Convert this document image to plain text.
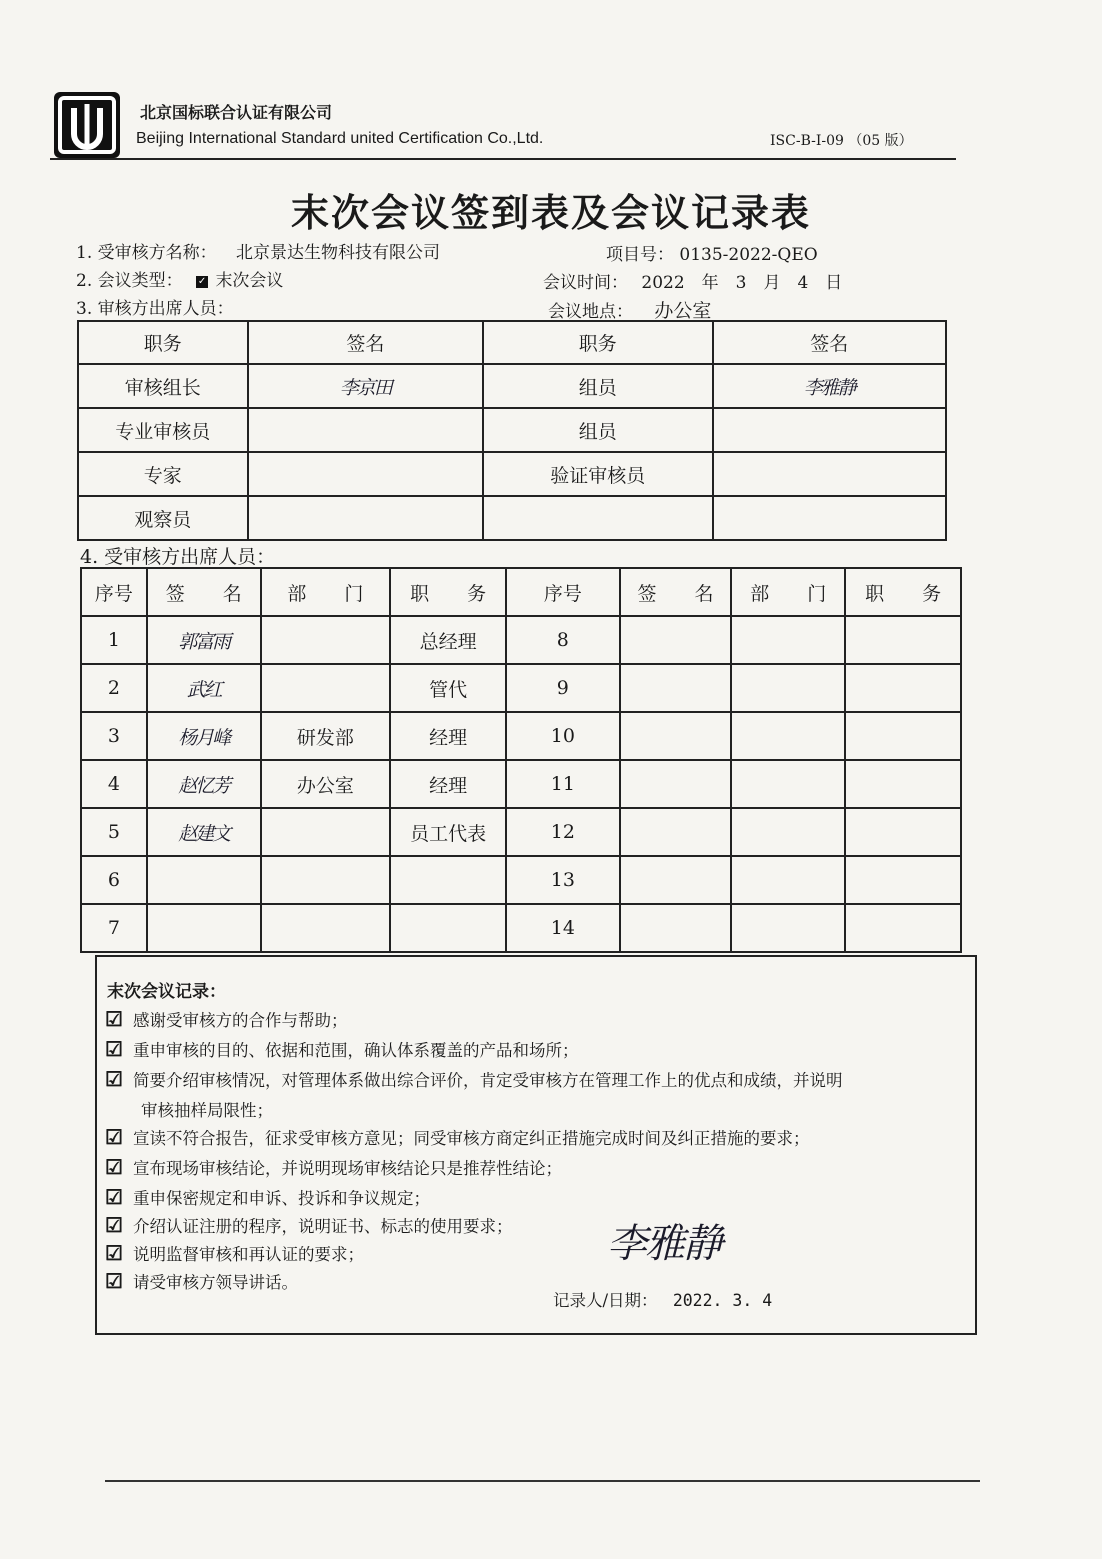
北京国标联合认证有限公司
Beijing International Standard united Certification Co.,Ltd.	ISC-B-I-09 （05 版）
末次会议签到表及会议记录表
1. 受审核方名称： 北京景达生物科技有限公司	项目号： 0135-2022-QEO
2. 会议类型： ✓ 末次会议	会议时间： 2022　年　3　月　4　日
3. 审核方出席人员：	会议地点： 办公室
职务	签名	职务	签名
审核组长	李京田	组员	李雅静
专业审核员		组员	
专家		验证审核员	
观察员			
4. 受审核方出席人员：
序号	签　　名	部　　门	职　　务	序号	签　　名	部　　门	职　　务
1	郭富雨		总经理	8			
2	武红		管代	9			
3	杨月峰	研发部	经理	10			
4	赵忆芳	办公室	经理	11			
5	赵建文		员工代表	12			
6				13			
7				14			
末次会议记录：
☑ 感谢受审核方的合作与帮助；
☑ 重申审核的目的、依据和范围，确认体系覆盖的产品和场所；
☑ 简要介绍审核情况，对管理体系做出综合评价，肯定受审核方在管理工作上的优点和成绩，并说明
审核抽样局限性；
☑ 宣读不符合报告，征求受审核方意见；同受审核方商定纠正措施完成时间及纠正措施的要求；
☑ 宣布现场审核结论，并说明现场审核结论只是推荐性结论；
☑ 重申保密规定和申诉、投诉和争议规定；
☑ 介绍认证注册的程序，说明证书、标志的使用要求；
☑ 说明监督审核和再认证的要求；
☑ 请受审核方领导讲话。
李雅静
记录人/日期： 2022. 3. 4
